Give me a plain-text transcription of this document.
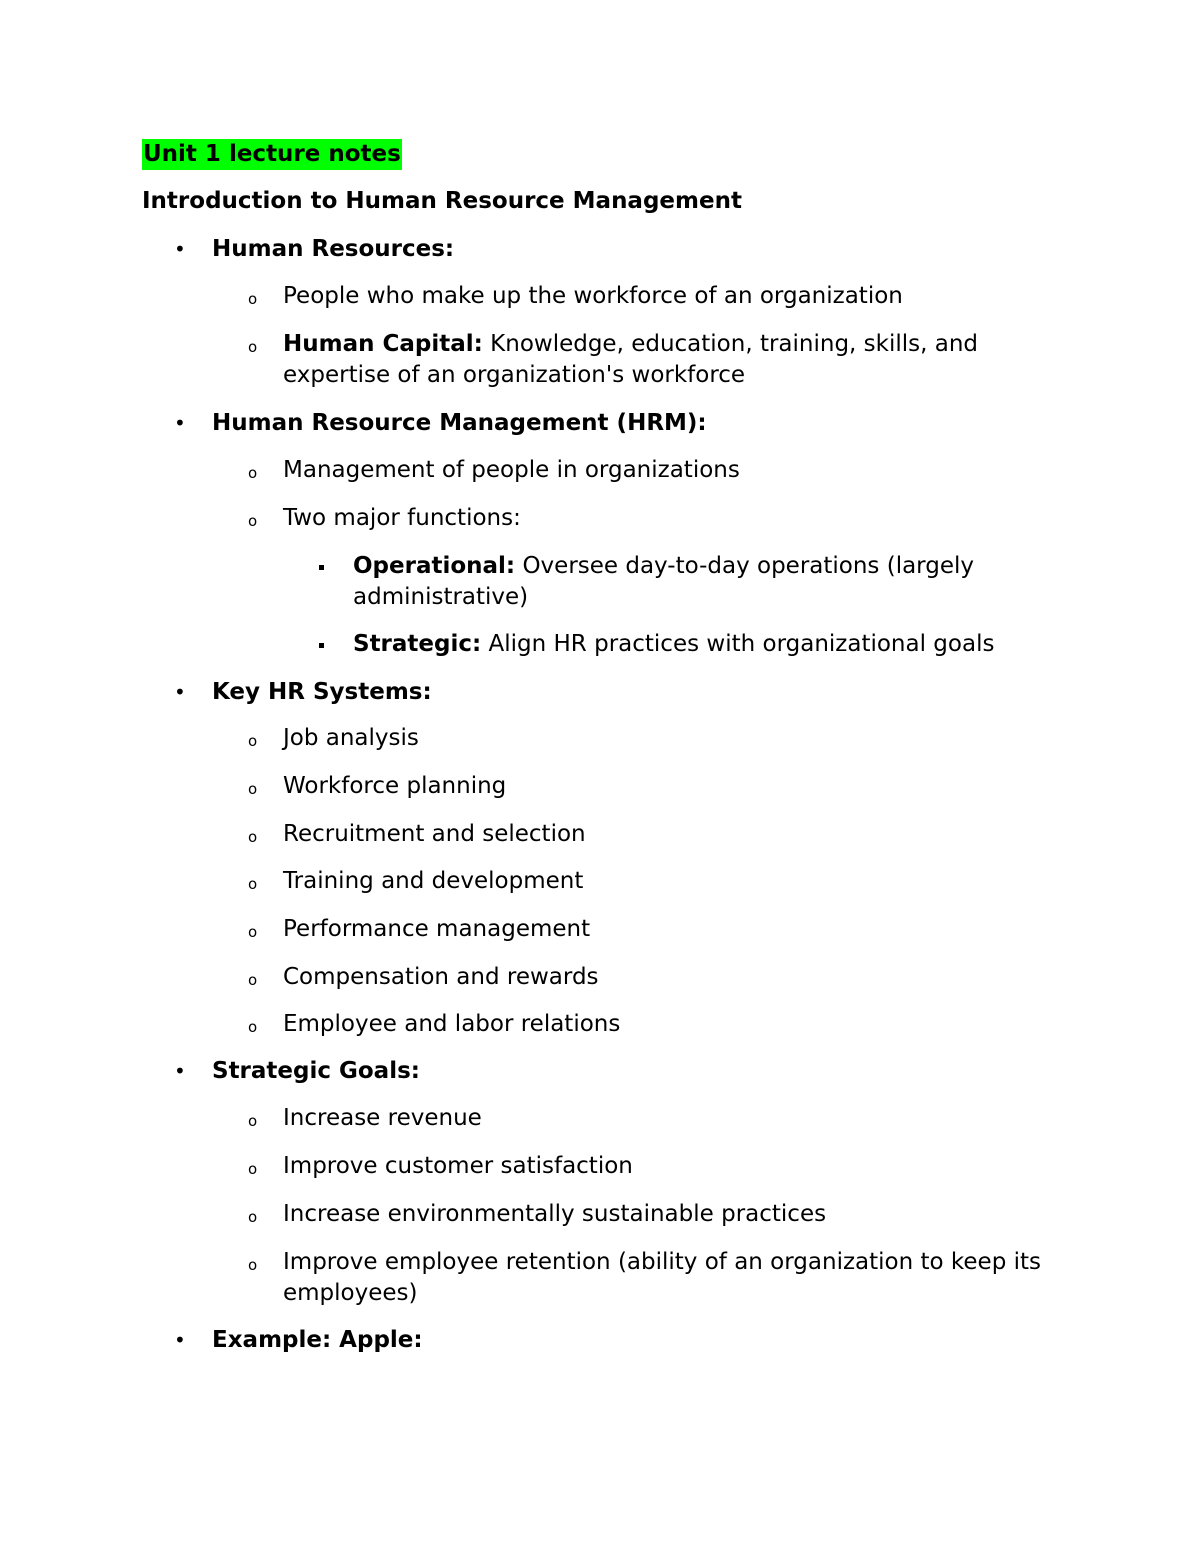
Unit 1 lecture notes
Introduction to Human Resource Management
• Human Resources:
o People who make up the workforce of an organization
o Human Capital: Knowledge, education, training, skills, and
expertise of an organization's workforce
• Human Resource Management (HRM):
o Management of people in organizations
o Two major functions:
Operational: Oversee day-to-day operations (largely
administrative)
Strategic: Align HR practices with organizational goals
• Key HR Systems:
o Job analysis
o Workforce planning
o Recruitment and selection
o Training and development
o Performance management
o Compensation and rewards
o Employee and labor relations
• Strategic Goals:
o Increase revenue
o Improve customer satisfaction
o Increase environmentally sustainable practices
o Improve employee retention (ability of an organization to keep its
employees)
• Example: Apple:
